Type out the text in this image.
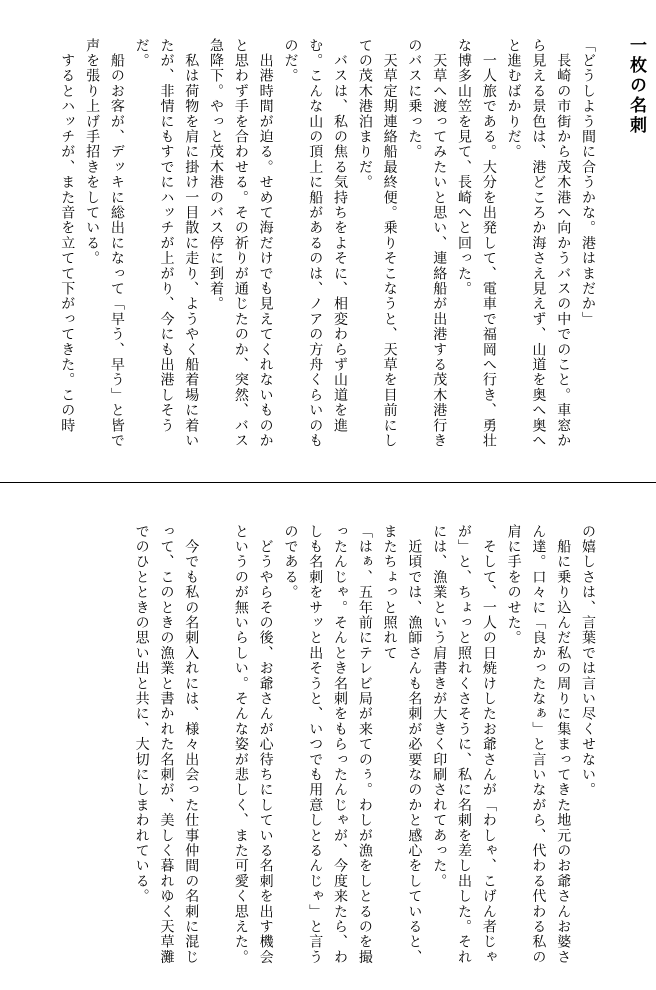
一枚の名刺
「どうしよう間に合うかな。港はまだか」
　長崎の市街から茂木港へ向かうバスの中でのこと。車窓から見える景色は、港どころか海さえ見えず、山道を奥へ奥へと進むばかりだ。
　一人旅である。大分を出発して、電車で福岡へ行き、勇壮な博多山笠を見て、長崎へと回った。
　天草へ渡ってみたいと思い、連絡船が出港する茂木港行きのバスに乗った。
　天草定期連絡船最終便。乗りそこなうと、天草を目前にしての茂木港泊まりだ。
　バスは、私の焦る気持ちをよそに、相変わらず山道を進む。こんな山の頂上に船があるのは、ノアの方舟くらいのものだ。
　出港時間が迫る。せめて海だけでも見えてくれないものかと思わず手を合わせる。その祈りが通じたのか、突然、バス急降下。やっと茂木港のバス停に到着。
　私は荷物を肩に掛け一目散に走り、ようやく船着場に着いたが、非情にもすでにハッチが上がり、今にも出港しそうだ。
　船のお客が、デッキに総出になって「早う、早う」と皆で声を張り上げ手招きをしている。
　するとハッチが、また音を立てて下がってきた。この時
の嬉しさは、言葉では言い尽くせない。
　船に乗り込んだ私の周りに集まってきた地元のお爺さんお婆さん達。口々に「良かったなぁ」と言いながら、代わる代わる私の肩に手をのせた。
　そして、一人の日焼けしたお爺さんが「わしゃ、こげん者じゃが」と、ちょっと照れくさそうに、私に名刺を差し出した。それには、漁業という肩書きが大きく印刷されてあった。
　近頃では、漁師さんも名刺が必要なのかと感心をしていると、またちょっと照れて
「はぁ、五年前にテレビ局が来てのぅ。わしが漁をしとるのを撮ったんじゃ。そんとき名刺をもらったんじゃが、今度来たら、わしも名刺をサッと出そうと、いつでも用意しとるんじゃ」と言うのである。
　どうやらその後、お爺さんが心待ちにしている名刺を出す機会というのが無いらしい。そんな姿が悲しく、また可愛く思えた。

　今でも私の名刺入れには、様々出会った仕事仲間の名刺に混じって、このときの漁業と書かれた名刺が、美しく暮れゆく天草灘でのひとときの思い出と共に、大切にしまわれている。
